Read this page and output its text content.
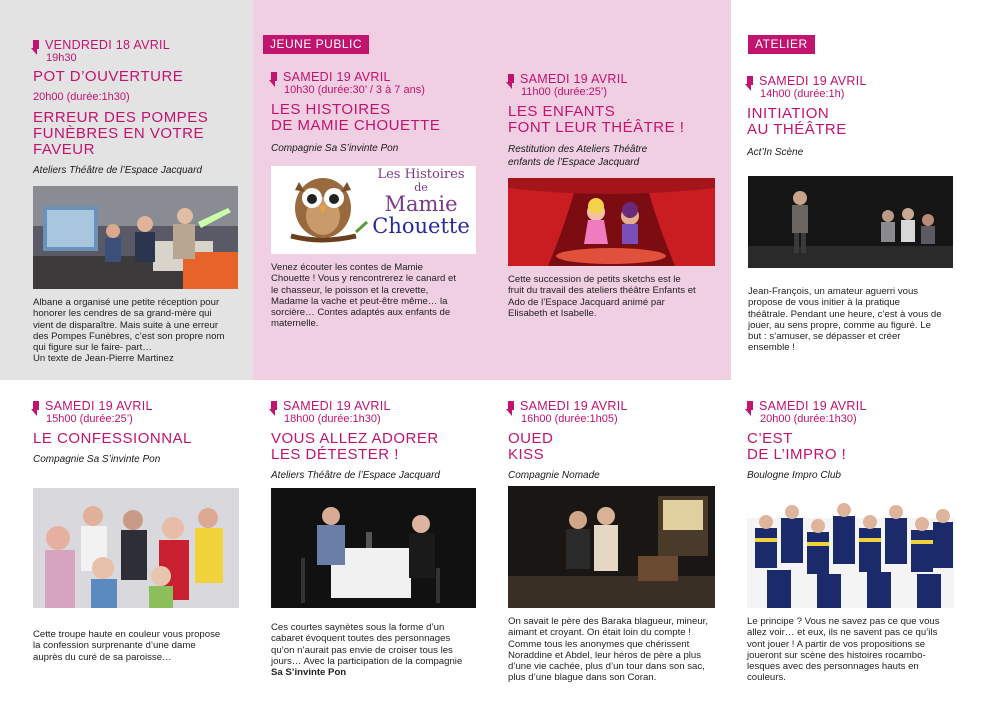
JEUNE PUBLIC	ATELIER
VENDREDI 18 AVRIL
19h30
POT D’OUVERTURE
20h00 (durée:1h30)
ERREUR DES POMPES
FUNÈBRES EN VOTRE
FAVEUR
Ateliers Théâtre de l’Espace Jacquard
Albane a organisé une petite réception pour
honorer les cendres de sa grand-mère qui
vient de disparaître. Mais suite à une erreur
des Pompes Funèbres, c’est son propre nom
qui figure sur le faire- part…
Un texte de Jean-Pierre Martinez
SAMEDI 19 AVRIL
10h30 (durée:30’ / 3 à 7 ans)
LES HISTOIRES
DE MAMIE CHOUETTE
Compagnie Sa S’invinte Pon
Les Histoires
de
Mamie
Chouette
Venez écouter les contes de Mamie
Chouette ! Vous y rencontrerez le canard et
le chasseur, le poisson et la crevette,
Madame la vache et peut-être même… la
sorcière… Contes adaptés aux enfants de
maternelle.
SAMEDI 19 AVRIL
11h00 (durée:25’)
LES ENFANTS
FONT LEUR THÉÂTRE !
Restitution des Ateliers Théâtre
enfants de l’Espace Jacquard
Cette succession de petits sketchs est le
fruit du travail des ateliers théâtre Enfants et
Ado de l’Espace Jacquard animé par
Elisabeth et Isabelle.
SAMEDI 19 AVRIL
14h00 (durée:1h)
INITIATION
AU THÉÂTRE
Act’In Scène
Jean-François, un amateur aguerri vous
propose de vous initier à la pratique
théâtrale. Pendant une heure, c’est à vous de
jouer, au sens propre, comme au figuré. Le
but : s’amuser, se dépasser et créer
ensemble !
SAMEDI 19 AVRIL
15h00 (durée:25’)
LE CONFESSIONNAL
Compagnie Sa S’invinte Pon
Cette troupe haute en couleur vous propose
la confession surprenante d’une dame
auprès du curé de sa paroisse…
SAMEDI 19 AVRIL
18h00 (durée:1h30)
VOUS ALLEZ ADORER
LES DÉTESTER !
Ateliers Théâtre de l’Espace Jacquard
Ces courtes saynètes sous la forme d’un
cabaret évoquent toutes des personnages
qu’on n’aurait pas envie de croiser tous les
jours… Avec la participation de la compagnie
Sa S’invinte Pon
SAMEDI 19 AVRIL
16h00 (durée:1h05)
OUED
KISS
Compagnie Nomade
On savait le père des Baraka blagueur, mineur,
aimant et croyant. On était loin du compte !
Comme tous les anonymes que chérissent
Noraddine et Abdel, leur héros de père a plus
d’une vie cachée, plus d’un tour dans son sac,
plus d’une blague dans son Coran.
SAMEDI 19 AVRIL
20h00 (durée:1h30)
C’EST
DE L’IMPRO !
Boulogne Impro Club
Le principe ? Vous ne savez pas ce que vous
allez voir… et eux, ils ne savent pas ce qu’ils
vont jouer ! A partir de vos propositions se
joueront sur scène des histoires rocambo-
lesques avec des personnages hauts en
couleurs.
